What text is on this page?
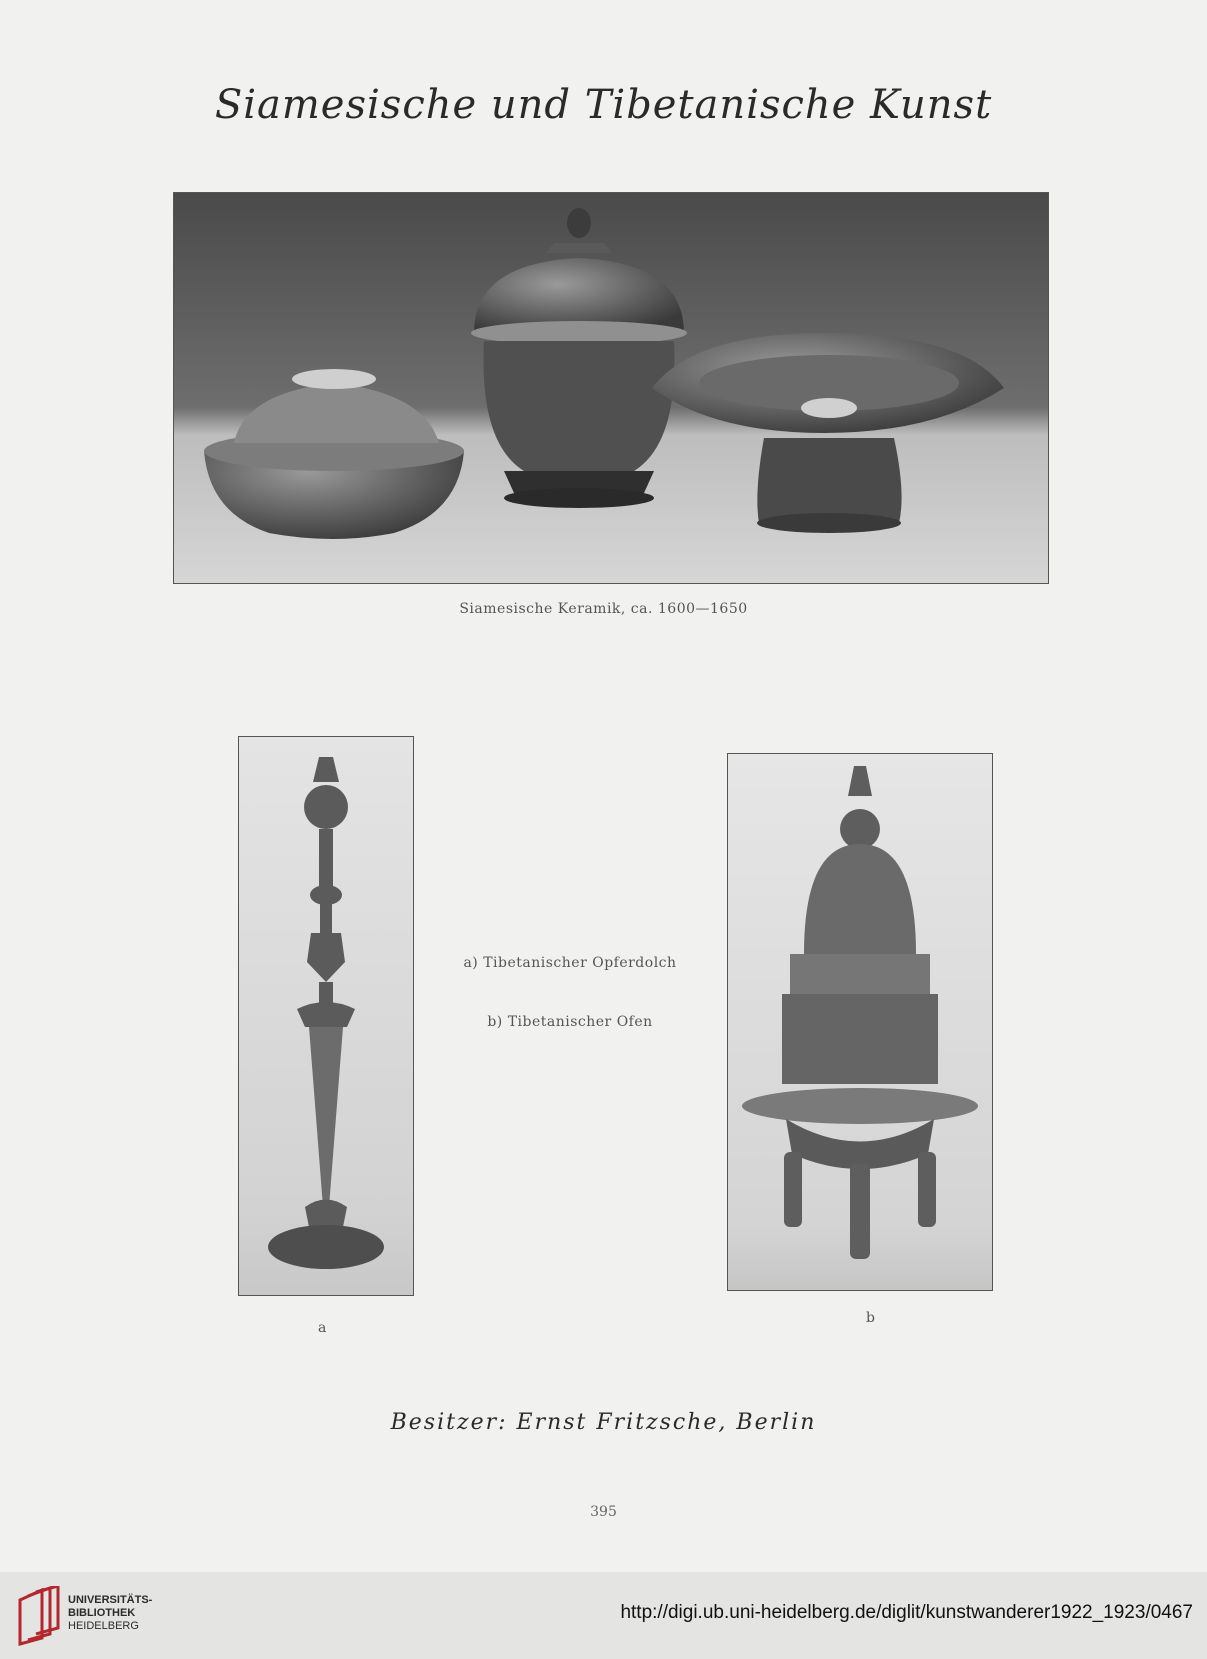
Siamesische und Tibetanische Kunst
Siamesische Keramik, ca. 1600—1650
a) Tibetanischer Opferdolch
b) Tibetanischer Ofen
a
b
Besitzer: Ernst Fritzsche, Berlin
395
UNIVERSITÄTS-
BIBLIOTHEK
HEIDELBERG
http://digi.ub.uni-heidelberg.de/diglit/kunstwanderer1922_1923/0467
